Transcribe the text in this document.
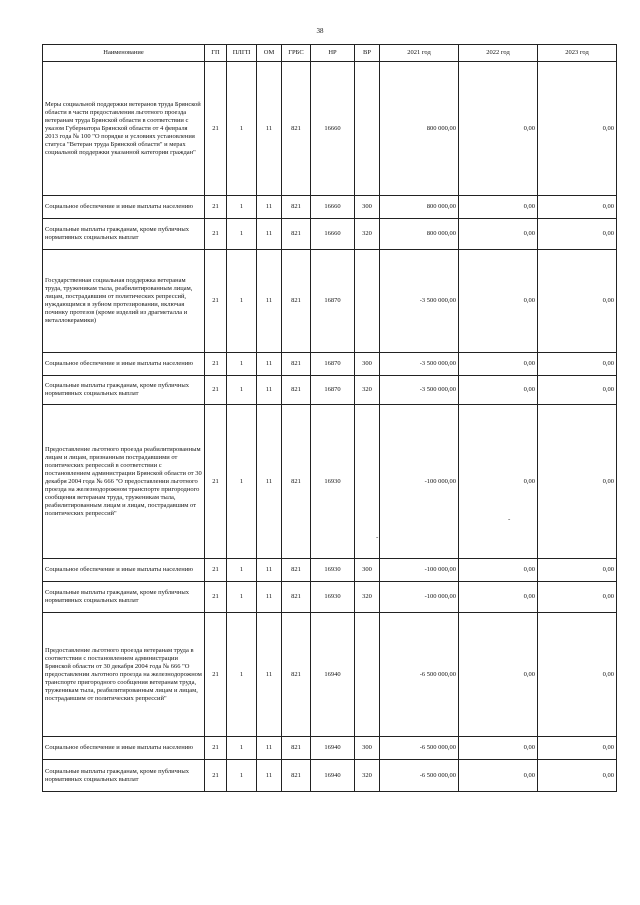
38
Наименование	ГП	ПЛГП	ОМ	ГРБС	НР	ВР	2021 год	2022 год	2023 год
Меры социальной поддержки ветеранов труда Брянской области в части предоставления льготного проезда ветеранам труда Брянской области в соответствии с указом Губернатора Брянской области от 4 февраля 2013 года № 100 "О порядке и условиях установления статуса "Ветеран труда Брянской области" и мерах социальной поддержки указанной категории граждан"	21	1	11	821	16660		800 000,00	0,00	0,00
Социальное обеспечение и иные выплаты населению	21	1	11	821	16660	300	800 000,00	0,00	0,00
Социальные выплаты гражданам, кроме публичных нормативных социальных выплат	21	1	11	821	16660	320	800 000,00	0,00	0,00
Государственная социальная поддержка ветеранам труда, труженикам тыла, реабилитированным лицам, лицам, пострадавшим от политических репрессий, нуждающимся в зубном протезировании, включая починку протезов (кроме изделий из драгметалла и металлокерамики)	21	1	11	821	16870		-3 500 000,00	0,00	0,00
Социальное обеспечение и иные выплаты населению	21	1	11	821	16870	300	-3 500 000,00	0,00	0,00
Социальные выплаты гражданам, кроме публичных нормативных социальных выплат	21	1	11	821	16870	320	-3 500 000,00	0,00	0,00
Предоставление льготного проезда реабилитированным лицам и лицам, признанным пострадавшими от политических репрессий в соответствии с постановлением администрации Брянской области от 30 декабря 2004 года № 666 "О предоставлении льготного проезда на железнодорожном транспорте пригородного сообщения ветеранам труда, труженикам тыла, реабилитированным лицам и лицам, пострадавшим от политических репрессий"	21	1	11	821	16930		-100 000,00	0,00	0,00
Социальное обеспечение и иные выплаты населению	21	1	11	821	16930	300	-100 000,00	0,00	0,00
Социальные выплаты гражданам, кроме публичных нормативных социальных выплат	21	1	11	821	16930	320	-100 000,00	0,00	0,00
Предоставление льготного проезда ветеранам труда в соответствии с постановлением администрации Брянской области от 30 декабря 2004 года № 666 "О предоставлении льготного проезда на железнодорожном транспорте пригородного сообщения ветеранам труда, труженикам тыла, реабилитированным лицам и лицам, пострадавшим от политических репрессий"	21	1	11	821	16940		-6 500 000,00	0,00	0,00
Социальное обеспечение и иные выплаты населению	21	1	11	821	16940	300	-6 500 000,00	0,00	0,00
Социальные выплаты гражданам, кроме публичных нормативных социальных выплат	21	1	11	821	16940	320	-6 500 000,00	0,00	0,00
-
-
